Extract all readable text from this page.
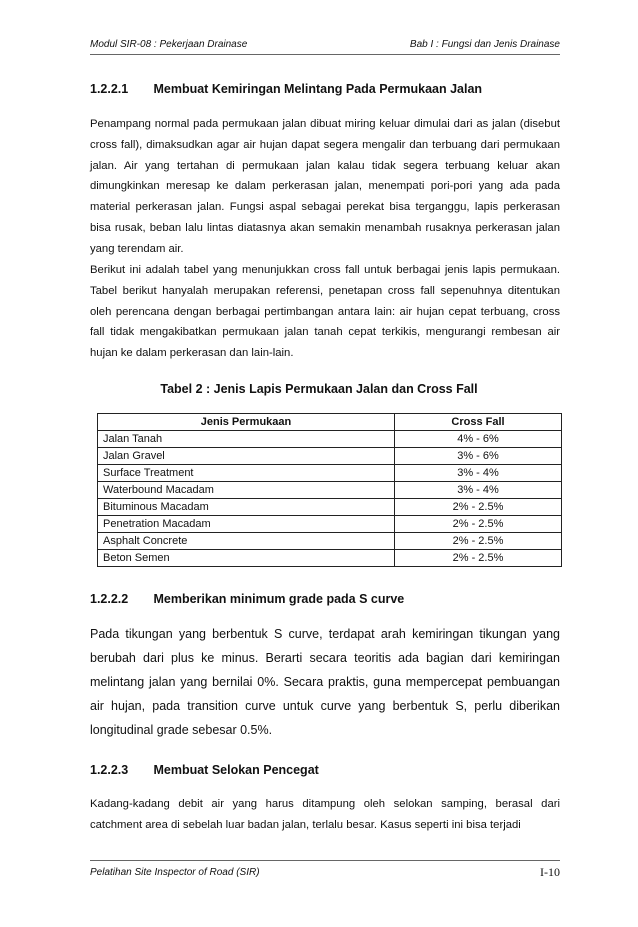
Modul SIR-08 : Pekerjaan Drainase	Bab I : Fungsi dan Jenis Drainase
1.2.2.1 Membuat Kemiringan Melintang Pada Permukaan Jalan
Penampang normal pada permukaan jalan dibuat miring keluar dimulai dari as jalan (disebut cross fall), dimaksudkan agar air hujan dapat segera mengalir dan terbuang dari permukaan jalan. Air yang tertahan di permukaan jalan kalau tidak segera terbuang keluar akan dimungkinkan meresap ke dalam perkerasan jalan, menempati pori-pori yang ada pada material perkerasan jalan. Fungsi aspal sebagai perekat bisa terganggu, lapis perkerasan bisa rusak, beban lalu lintas diatasnya akan semakin menambah rusaknya perkerasan jalan yang terendam air.
Berikut ini adalah tabel yang menunjukkan cross fall untuk berbagai jenis lapis permukaan. Tabel berikut hanyalah merupakan referensi, penetapan cross fall sepenuhnya ditentukan oleh perencana dengan berbagai pertimbangan antara lain: air hujan cepat terbuang, cross fall tidak mengakibatkan permukaan jalan tanah cepat terkikis, mengurangi rembesan air hujan ke dalam perkerasan dan lain-lain.
Tabel 2 : Jenis Lapis Permukaan Jalan dan Cross Fall
Jenis Permukaan	Cross Fall
Jalan Tanah	4% - 6%
Jalan Gravel	3% - 6%
Surface Treatment	3% - 4%
Waterbound Macadam	3% - 4%
Bituminous Macadam	2% - 2.5%
Penetration Macadam	2% - 2.5%
Asphalt Concrete	2% - 2.5%
Beton Semen	2% - 2.5%
1.2.2.2 Memberikan minimum grade pada S curve
Pada tikungan yang berbentuk S curve, terdapat arah kemiringan tikungan yang berubah dari plus ke minus. Berarti secara teoritis ada bagian dari kemiringan melintang jalan yang bernilai 0%. Secara praktis, guna mempercepat pembuangan air hujan, pada transition curve untuk curve yang berbentuk S, perlu diberikan longitudinal grade sebesar 0.5%.
1.2.2.3 Membuat Selokan Pencegat
Kadang-kadang debit air yang harus ditampung oleh selokan samping, berasal dari catchment area di sebelah luar badan jalan, terlalu besar. Kasus seperti ini bisa terjadi
Pelatihan Site Inspector of Road (SIR)	I-10
